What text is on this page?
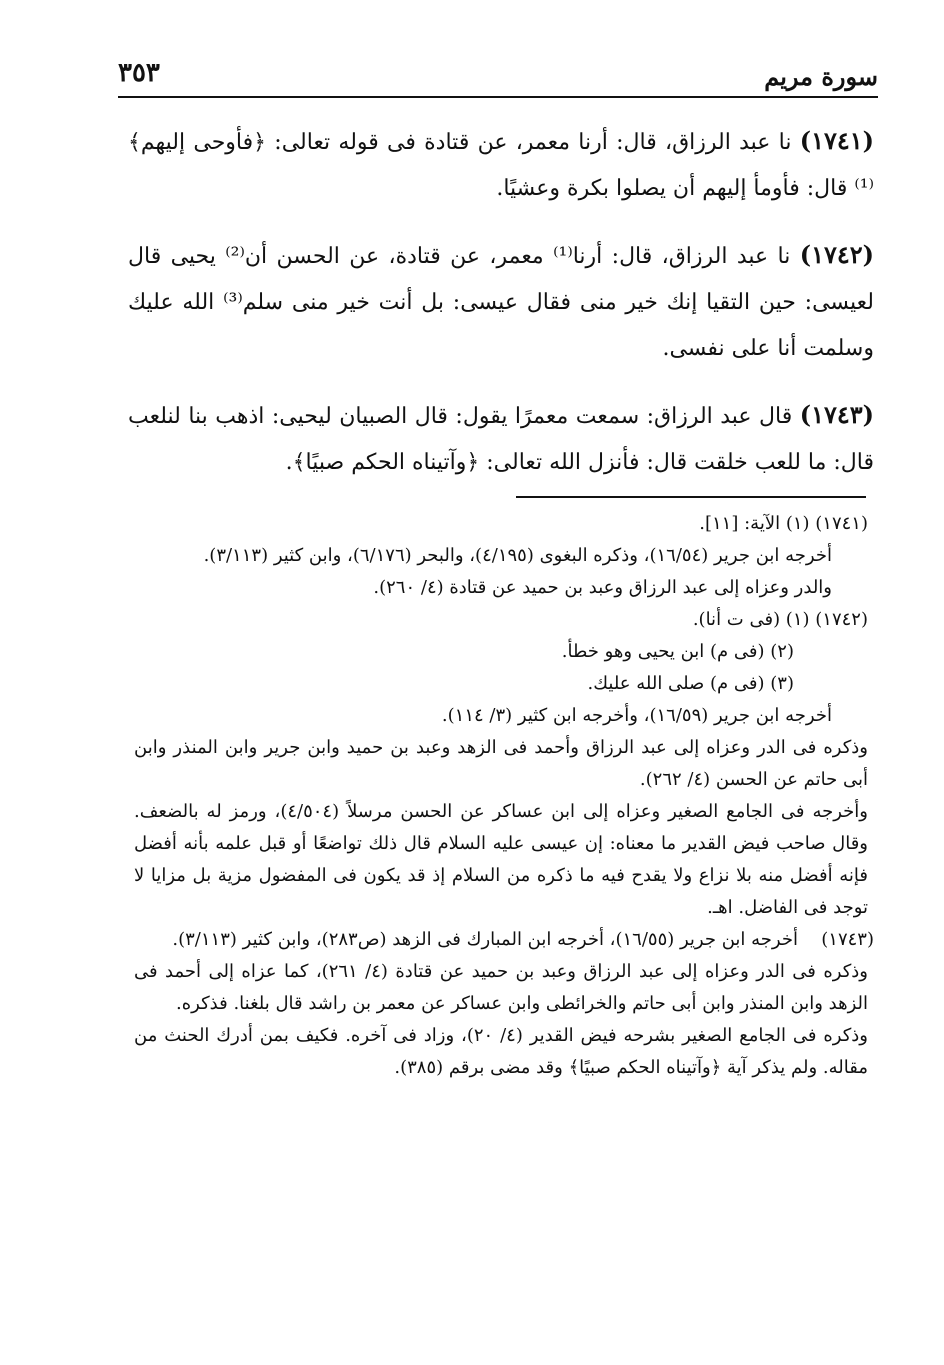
سورة مريم
٣٥٣

(١٧٤١) نا عبد الرزاق، قال: أرنا معمر، عن قتادة فى قوله تعالى: ﴿فأوحى إليهم﴾⁽¹⁾ قال: فأومأ إليهم أن يصلوا بكرة وعشيًا.

(١٧٤٢) نا عبد الرزاق، قال: أرنا⁽¹⁾ معمر، عن قتادة، عن الحسن أن⁽²⁾ يحيى قال لعيسى: حين التقيا إنك خير منى فقال عيسى: بل أنت خير منى سلم⁽³⁾ الله عليك وسلمت أنا على نفسى.

(١٧٤٣) قال عبد الرزاق: سمعت معمرًا يقول: قال الصبيان ليحيى: اذهب بنا لنلعب قال: ما للعب خلقت قال: فأنزل الله تعالى: ﴿وآتيناه الحكم صبيًا﴾.

(١٧٤١) (١) الآية: [١١].

أخرجه ابن جرير (١٦/٥٤)، وذكره البغوى (٤/١٩٥)، والبحر (٦/١٧٦)، وابن كثير (٣/١١٣).

والدر وعزاه إلى عبد الرزاق وعبد بن حميد عن قتادة (٤/ ٢٦٠).

(١٧٤٢) (١) (فى ت أنا).

(٢) (فى م) ابن يحيى وهو خطأ.

(٣) (فى م) صلى الله عليك.

أخرجه ابن جرير (١٦/٥٩)، وأخرجه ابن كثير (٣/ ١١٤).

وذكره فى الدر وعزاه إلى عبد الرزاق وأحمد فى الزهد وعبد بن حميد وابن جرير وابن المنذر وابن أبى حاتم عن الحسن (٤/ ٢٦٢).

وأخرجه فى الجامع الصغير وعزاه إلى ابن عساكر عن الحسن مرسلاً (٤/٥٠٤)، ورمز له بالضعف. وقال صاحب فيض القدير ما معناه: إن عيسى عليه السلام قال ذلك تواضعًا أو قبل علمه بأنه أفضل فإنه أفضل منه بلا نزاع ولا يقدح فيه ما ذكره من السلام إذ قد يكون فى المفضول مزية بل مزايا لا توجد فى الفاضل. اهـ.

(١٧٤٣)

أخرجه ابن جرير (١٦/٥٥)، أخرجه ابن المبارك فى الزهد (ص٢٨٣)، وابن كثير (٣/١١٣).

وذكره فى الدر وعزاه إلى عبد الرزاق وعبد بن حميد عن قتادة (٤/ ٢٦١)، كما عزاه إلى أحمد فى الزهد وابن المنذر وابن أبى حاتم والخرائطى وابن عساكر عن معمر بن راشد قال بلغنا. فذكره.

وذكره فى الجامع الصغير بشرحه فيض القدير (٤/ ٢٠)، وزاد فى آخره. فكيف بمن أدرك الحنث من مقاله. ولم يذكر آية ﴿وآتيناه الحكم صبيًا﴾ وقد مضى برقم (٣٨٥).
